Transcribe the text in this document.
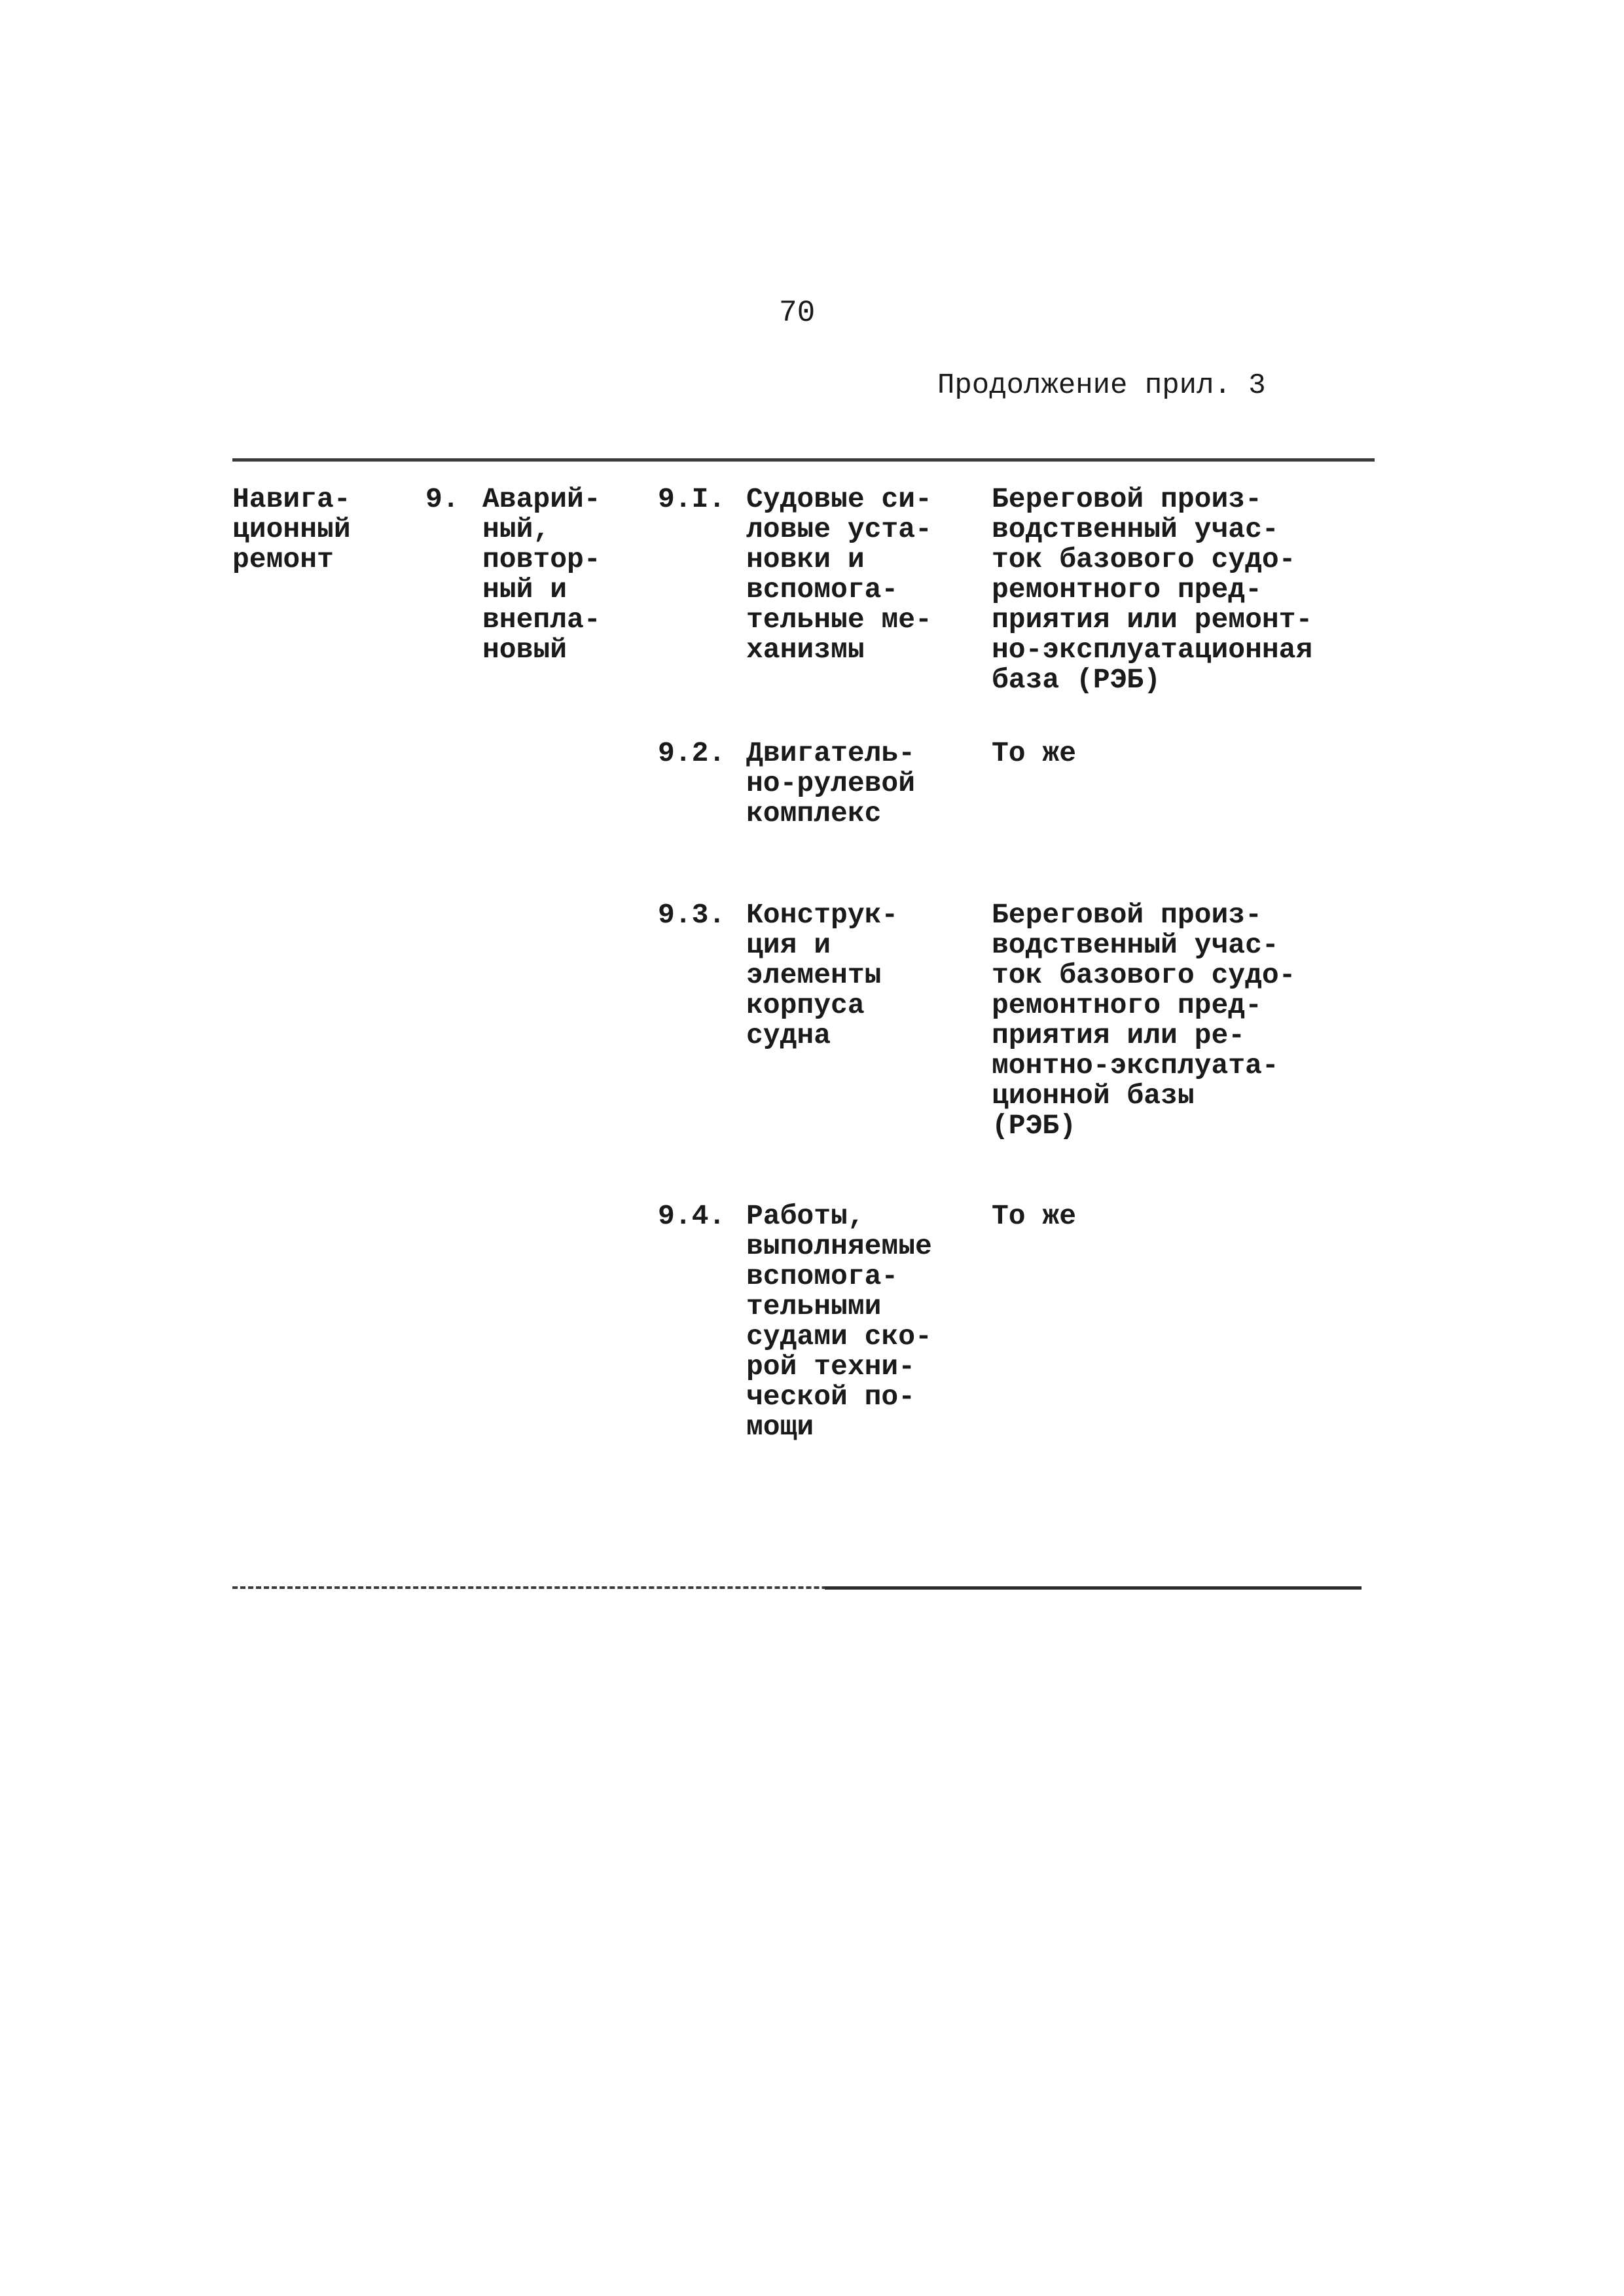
70
Продолжение прил. 3
Навига-
ционный
ремонт
9. Аварий-
ный,
повтор-
ный и
внепла-
новый
9.I. Судовые си-
ловые уста-
новки и
вспомога-
тельные ме-
ханизмы
Береговой произ-
водственный учас-
ток базового судо-
ремонтного пред-
приятия или ремонт-
но-эксплуатационная
база (РЭБ)
9.2. Двигатель-
но-рулевой
комплекс
То же
9.3. Конструк-
ция и
элементы
корпуса
судна
Береговой произ-
водственный учас-
ток базового судо-
ремонтного пред-
приятия или ре-
монтно-эксплуата-
ционной базы
(РЭБ)
9.4. Работы,
выполняемые
вспомога-
тельными
судами ско-
рой техни-
ческой по-
мощи
То же
